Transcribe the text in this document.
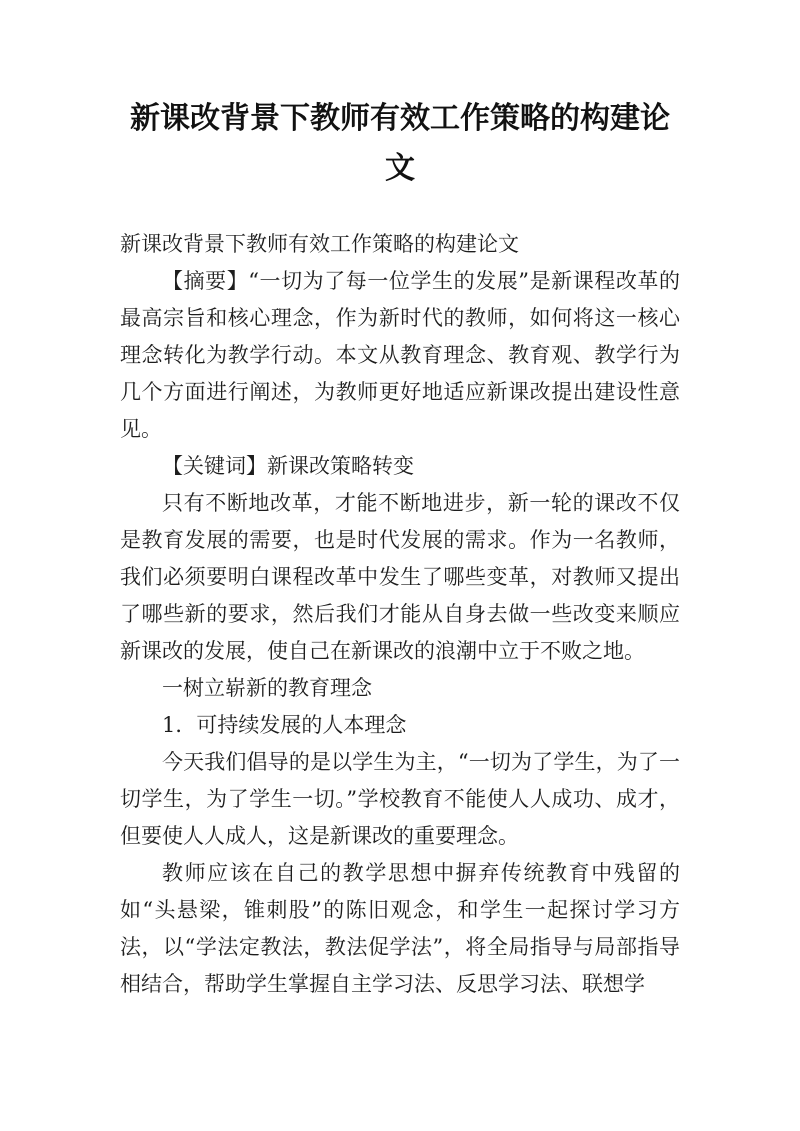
新课改背景下教师有效工作策略的构建论
文

新课改背景下教师有效工作策略的构建论文

【摘要】“一切为了每一位学生的发展”是新课程改革的最高宗旨和核心理念，作为新时代的教师，如何将这一核心理念转化为教学行动。本文从教育理念、教育观、教学行为几个方面进行阐述，为教师更好地适应新课改提出建设性意见。

【关键词】新课改策略转变

只有不断地改革，才能不断地进步，新一轮的课改不仅是教育发展的需要，也是时代发展的需求。作为一名教师，我们必须要明白课程改革中发生了哪些变革，对教师又提出了哪些新的要求，然后我们才能从自身去做一些改变来顺应新课改的发展，使自己在新课改的浪潮中立于不败之地。

一树立崭新的教育理念

1．可持续发展的人本理念

今天我们倡导的是以学生为主，“一切为了学生，为了一切学生，为了学生一切。”学校教育不能使人人成功、成才，但要使人人成人，这是新课改的重要理念。

教师应该在自己的教学思想中摒弃传统教育中残留的如“头悬梁，锥刺股”的陈旧观念，和学生一起探讨学习方法，以“学法定教法，教法促学法”，将全局指导与局部指导相结合，帮助学生掌握自主学习法、反思学习法、联想学
